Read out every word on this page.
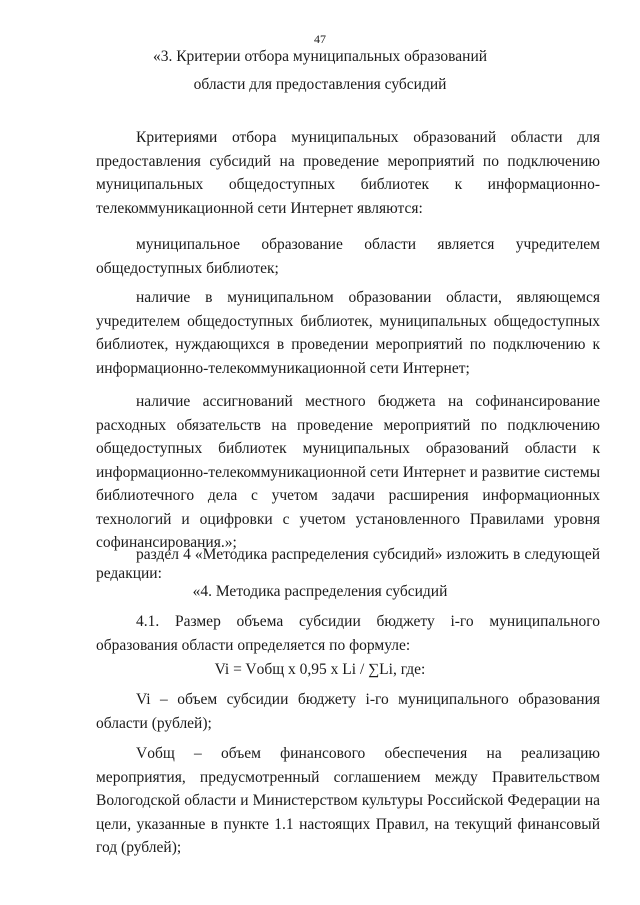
47
«3. Критерии отбора муниципальных образований
области для предоставления субсидий

Критериями отбора муниципальных образований области для предоставления субсидий на проведение мероприятий по подключению муниципальных общедоступных библиотек к информационно-телекоммуникационной сети Интернет являются:

муниципальное образование области является учредителем общедоступных библиотек;

наличие в муниципальном образовании области, являющемся учредителем общедоступных библиотек, муниципальных общедоступных библиотек, нуждающихся в проведении мероприятий по подключению к информационно-телекоммуникационной сети Интернет;

наличие ассигнований местного бюджета на софинансирование расходных обязательств на проведение мероприятий по подключению общедоступных библиотек муниципальных образований области к информационно-телекоммуникационной сети Интернет и развитие системы библиотечного дела с учетом задачи расширения информационных технологий и оцифровки с учетом установленного Правилами уровня софинансирования.»;

раздел 4 «Методика распределения субсидий» изложить в следующей редакции:

«4. Методика распределения субсидий

4.1. Размер объема субсидии бюджету i-го муниципального образования области определяется по формуле:

Vi = Vобщ x 0,95 x Li / ∑Li, где:

Vi – объем субсидии бюджету i-го муниципального образования области (рублей);

Vобщ – объем финансового обеспечения на реализацию мероприятия, предусмотренный соглашением между Правительством Вологодской области и Министерством культуры Российской Федерации на цели, указанные в пункте 1.1 настоящих Правил, на текущий финансовый год (рублей);
